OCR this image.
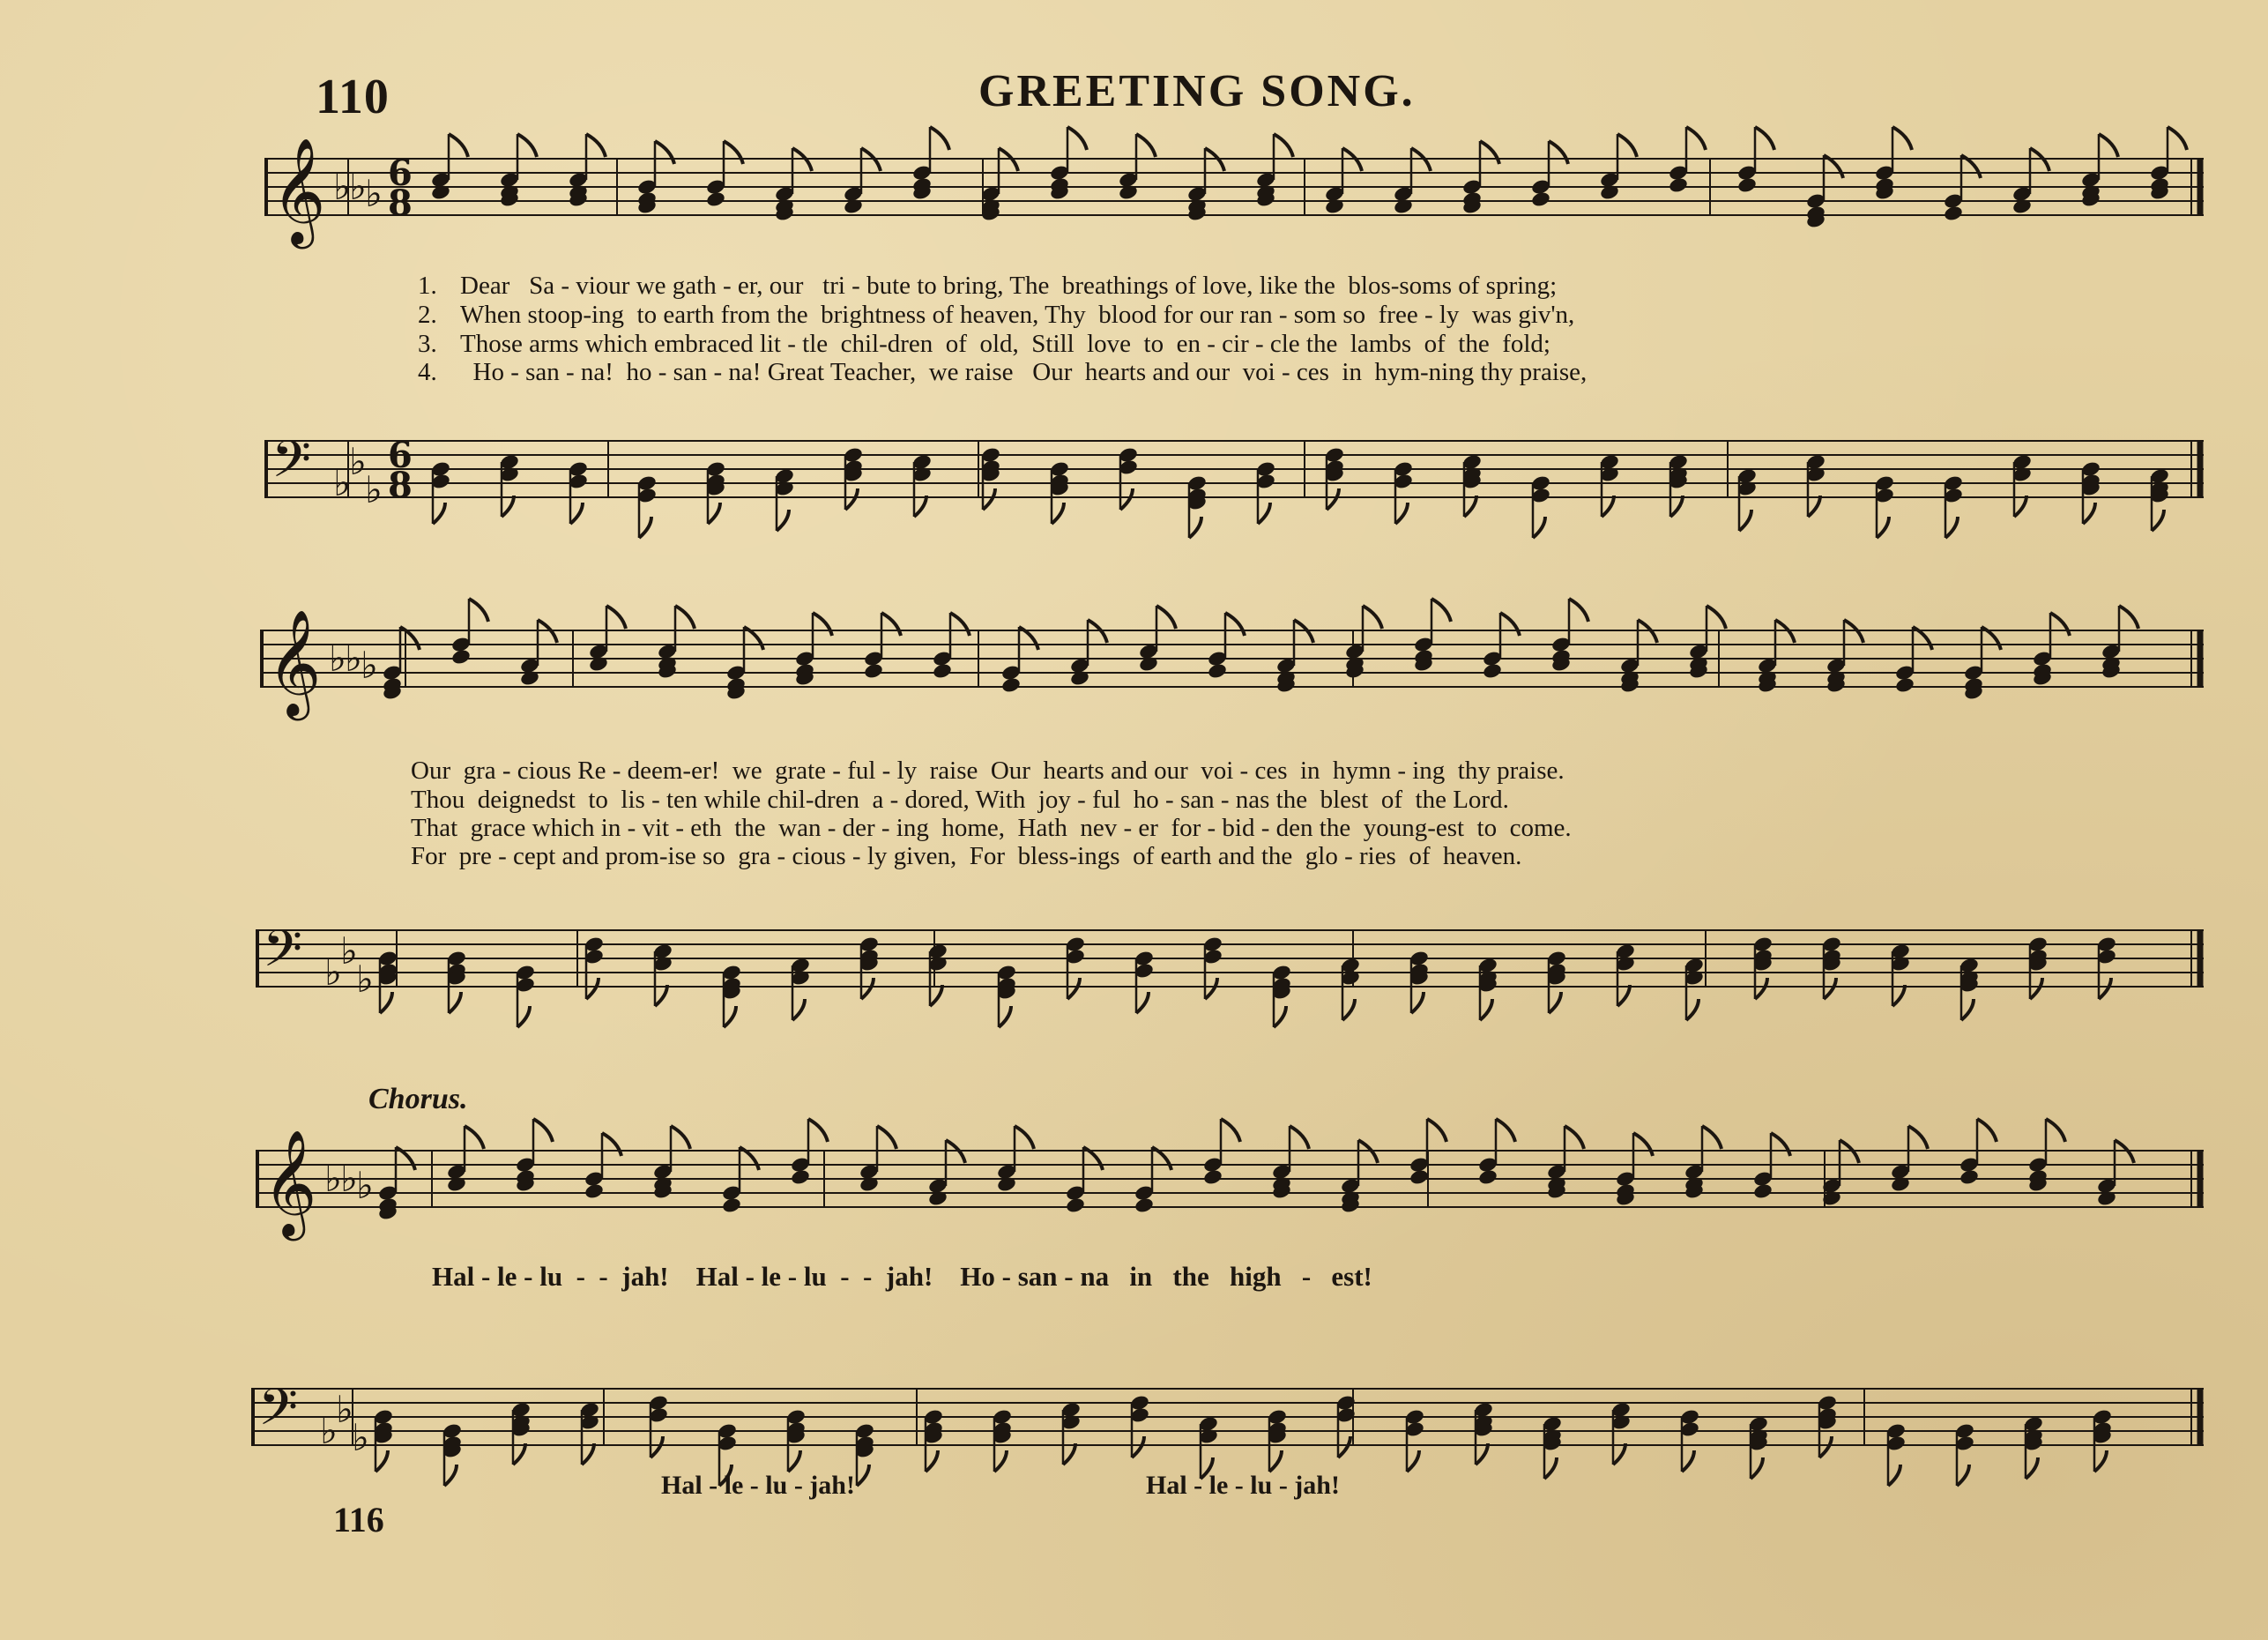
110	GREETING SONG.
𝄞 ♭
♭
♭ 6
8
𝄢 ♭
♭
♭
6
8
1. Dear   Sa - viour we gath - er, our   tri - bute to bring, The  breathings of love, like the  blos-soms of spring;
2. When stoop-ing  to earth from the  brightness of heaven, Thy  blood for our ran - som so  free - ly  was giv'n,
3. Those arms which embraced lit - tle  chil-dren  of  old,  Still  love  to  en - cir - cle the  lambs  of  the  fold;
4. Ho - san - na!  ho - san - na! Great Teacher,  we raise   Our  hearts and our  voi - ces  in  hym-ning thy praise,
𝄞 ♭
♭
♭
𝄢 ♭
♭
♭
Our  gra - cious Re - deem-er!  we  grate - ful - ly  raise  Our  hearts and our  voi - ces  in  hymn - ing  thy praise.
Thou  deignedst  to  lis - ten while chil-dren  a - dored, With  joy - ful  ho - san - nas the  blest  of  the Lord.
That  grace which in - vit - eth  the  wan - der - ing  home,  Hath  nev - er  for - bid - den the  young-est  to  come.
For  pre - cept and prom-ise so  gra - cious - ly given,  For  bless-ings  of earth and the  glo - ries  of  heaven.
Chorus.
𝄞 ♭
♭
♭
Hal - le - lu  -  -  jah!    Hal - le - lu  -  -  jah!    Ho - san - na   in   the   high   -   est!
𝄢 ♭
♭
♭
Hal - le - lu - jah!	Hal - le - lu - jah!
116
